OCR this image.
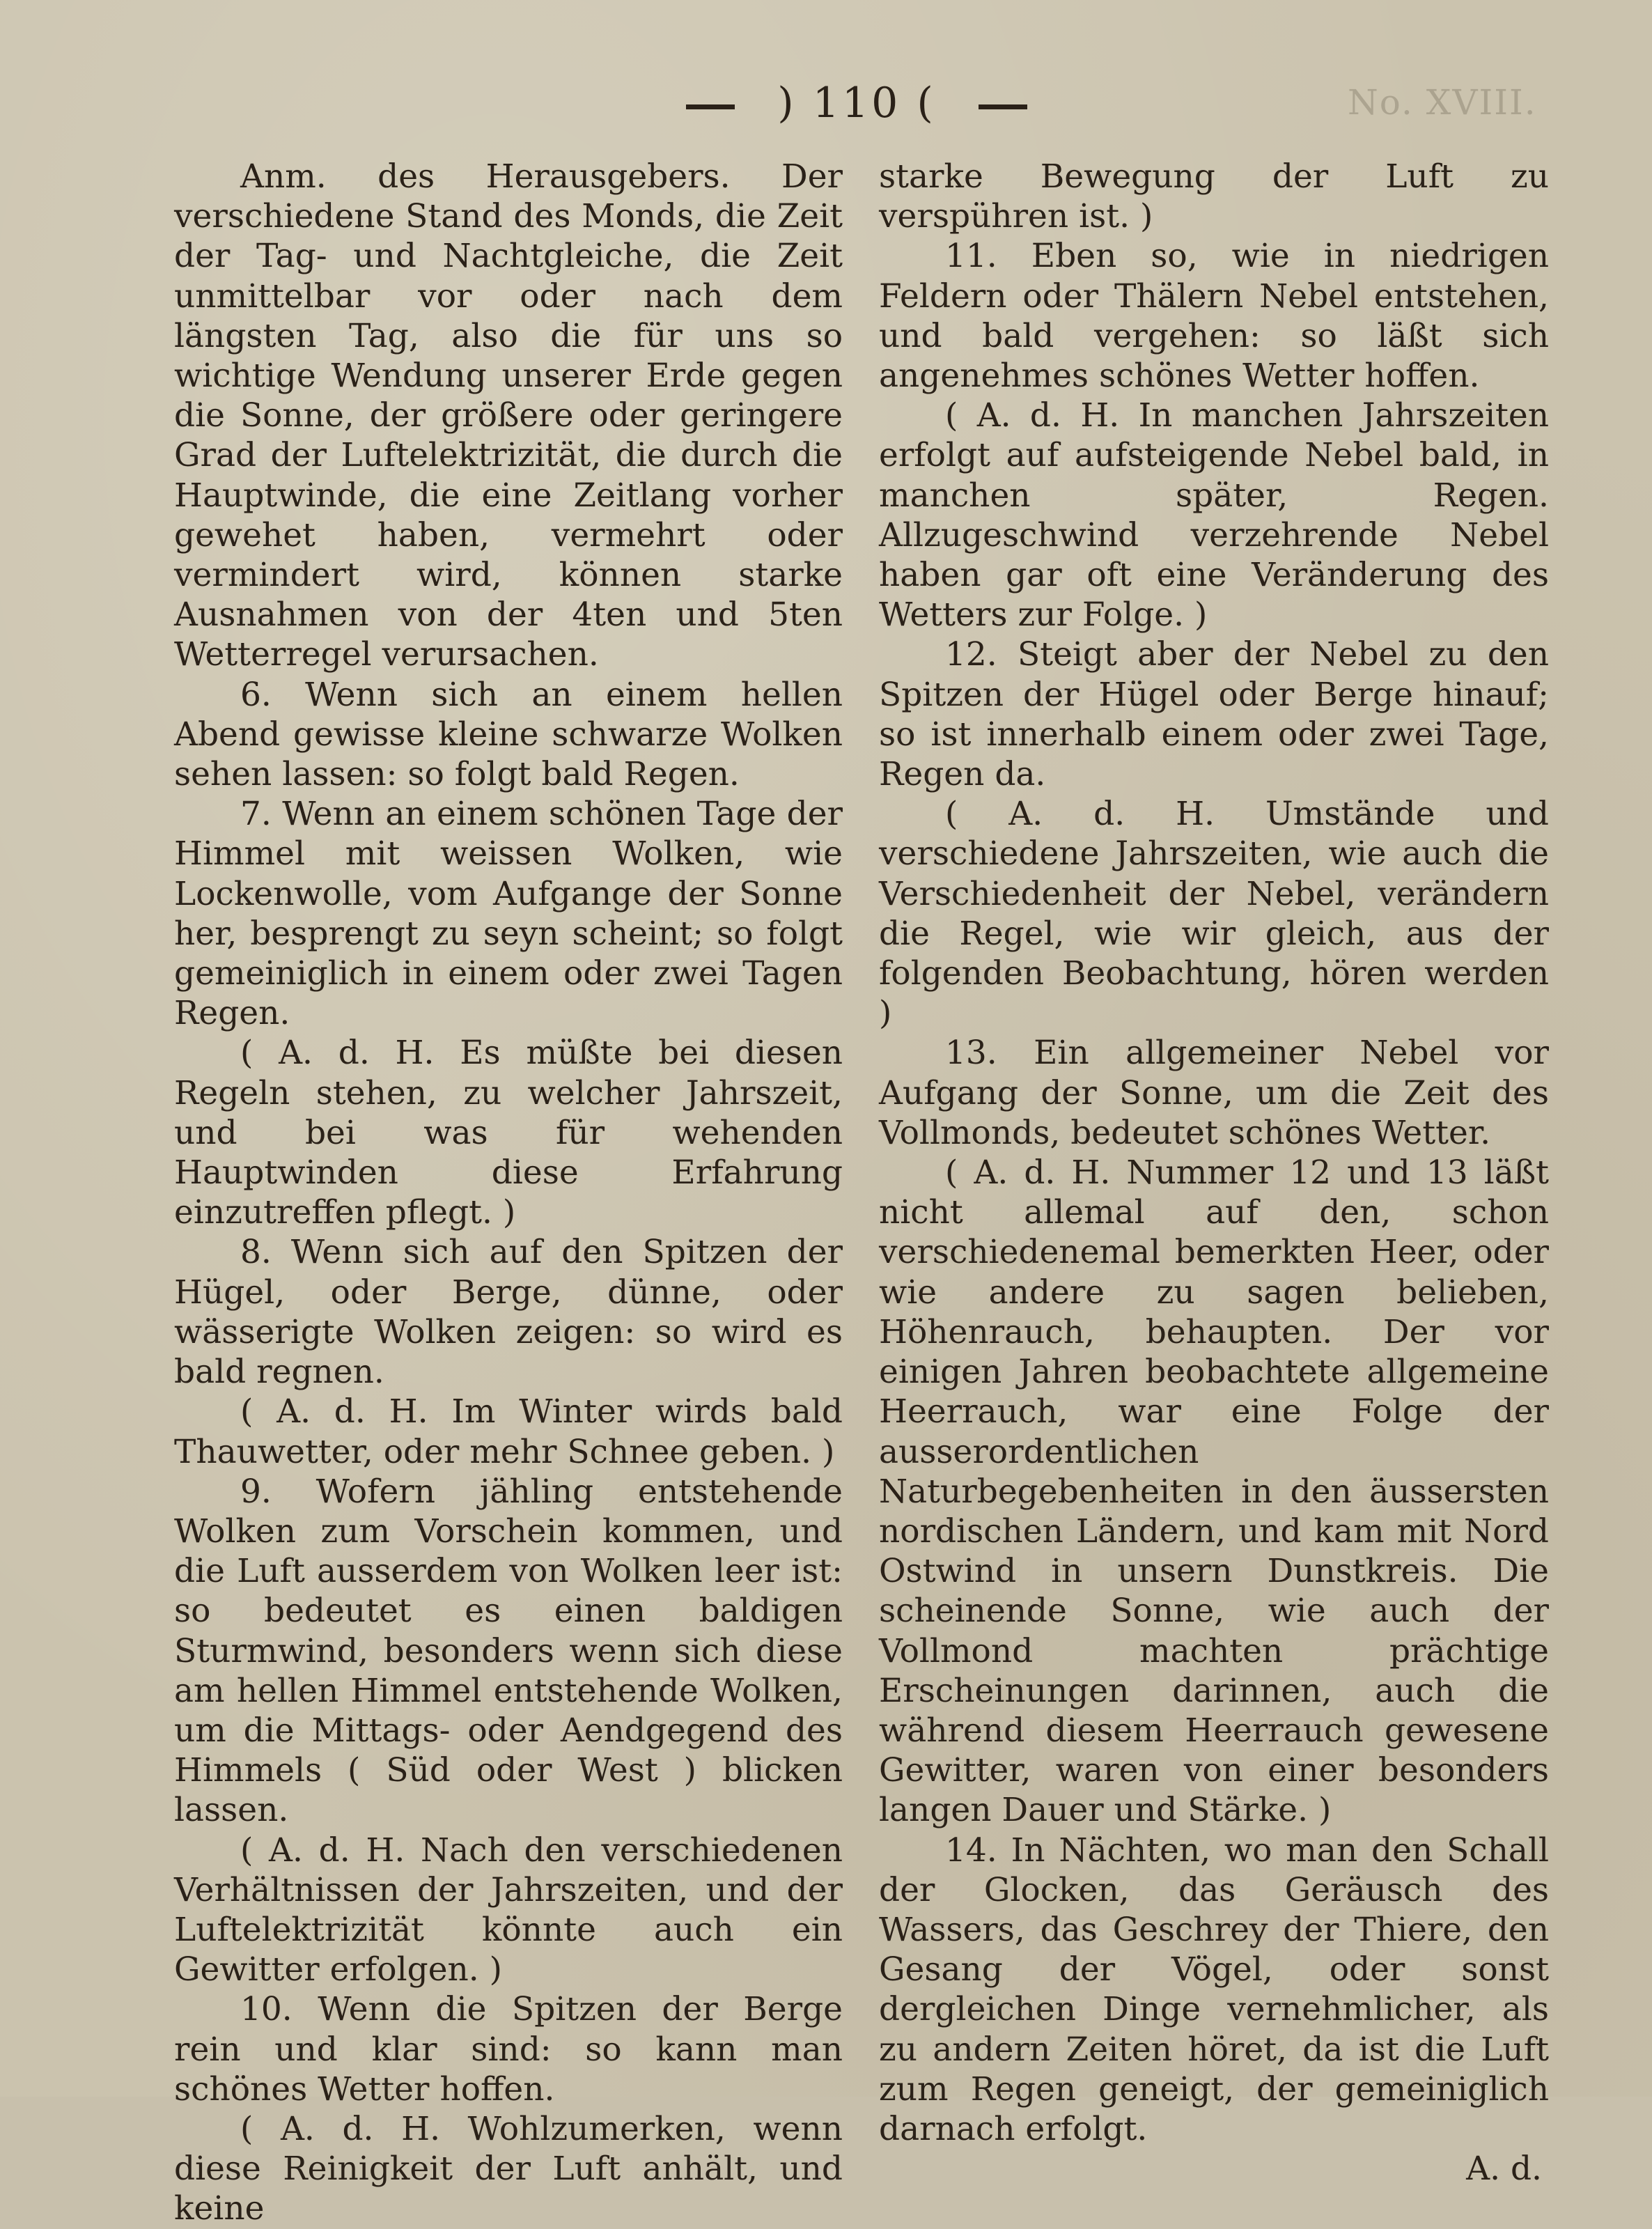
) 110 (	No. XVIII.

Anm. des Herausgebers. Der verschiedene Stand des Monds, die Zeit der Tag- und Nachtgleiche, die Zeit unmittelbar vor oder nach dem längsten Tag, also die für uns so wichtige Wendung unserer Erde gegen die Sonne, der größere oder geringere Grad der Luftelektrizität, die durch die Hauptwinde, die eine Zeitlang vorher gewehet haben, vermehrt oder vermindert wird, können starke Ausnahmen von der 4ten und 5ten Wetterregel verursachen.

6. Wenn sich an einem hellen Abend gewisse kleine schwarze Wolken sehen lassen: so folgt bald Regen.

7. Wenn an einem schönen Tage der Himmel mit weissen Wolken, wie Lockenwolle, vom Aufgange der Sonne her, besprengt zu seyn scheint; so folgt gemeiniglich in einem oder zwei Tagen Regen.

( A. d. H. Es müßte bei diesen Regeln stehen, zu welcher Jahrszeit, und bei was für wehenden Hauptwinden diese Erfahrung einzutreffen pflegt. )

8. Wenn sich auf den Spitzen der Hügel, oder Berge, dünne, oder wässerigte Wolken zeigen: so wird es bald regnen.

( A. d. H. Im Winter wirds bald Thauwetter, oder mehr Schnee geben. )

9. Wofern jähling entstehende Wolken zum Vorschein kommen, und die Luft ausserdem von Wolken leer ist: so bedeutet es einen baldigen Sturmwind, besonders wenn sich diese am hellen Himmel entstehende Wolken, um die Mittags- oder Aendgegend des Himmels ( Süd oder West ) blicken lassen.

( A. d. H. Nach den verschiedenen Verhältnissen der Jahrszeiten, und der Luftelektrizität könnte auch ein Gewitter erfolgen. )

10. Wenn die Spitzen der Berge rein und klar sind: so kann man schönes Wetter hoffen.

( A. d. H. Wohlzumerken, wenn diese Reinigkeit der Luft anhält, und keine

starke Bewegung der Luft zu verspühren ist. )

11. Eben so, wie in niedrigen Feldern oder Thälern Nebel entstehen, und bald vergehen: so läßt sich angenehmes schönes Wetter hoffen.

( A. d. H. In manchen Jahrszeiten erfolgt auf aufsteigende Nebel bald, in manchen später, Regen. Allzugeschwind verzehrende Nebel haben gar oft eine Veränderung des Wetters zur Folge. )

12. Steigt aber der Nebel zu den Spitzen der Hügel oder Berge hinauf; so ist innerhalb einem oder zwei Tage, Regen da.

( A. d. H. Umstände und verschiedene Jahrszeiten, wie auch die Verschiedenheit der Nebel, verändern die Regel, wie wir gleich, aus der folgenden Beobachtung, hören werden )

13. Ein allgemeiner Nebel vor Aufgang der Sonne, um die Zeit des Vollmonds, bedeutet schönes Wetter.

( A. d. H. Nummer 12 und 13 läßt nicht allemal auf den, schon verschiedenemal bemerkten Heer, oder wie andere zu sagen belieben, Höhenrauch, behaupten. Der vor einigen Jahren beobachtete allgemeine Heerrauch, war eine Folge der ausserordentlichen Naturbegebenheiten in den äussersten nordischen Ländern, und kam mit Nord Ostwind in unsern Dunstkreis. Die scheinende Sonne, wie auch der Vollmond machten prächtige Erscheinungen darinnen, auch die während diesem Heerrauch gewesene Gewitter, waren von einer besonders langen Dauer und Stärke. )

14. In Nächten, wo man den Schall der Glocken, das Geräusch des Wassers, das Geschrey der Thiere, den Gesang der Vögel, oder sonst dergleichen Dinge vernehmlicher, als zu andern Zeiten höret, da ist die Luft zum Regen geneigt, der gemeiniglich darnach erfolgt.

A. d.
